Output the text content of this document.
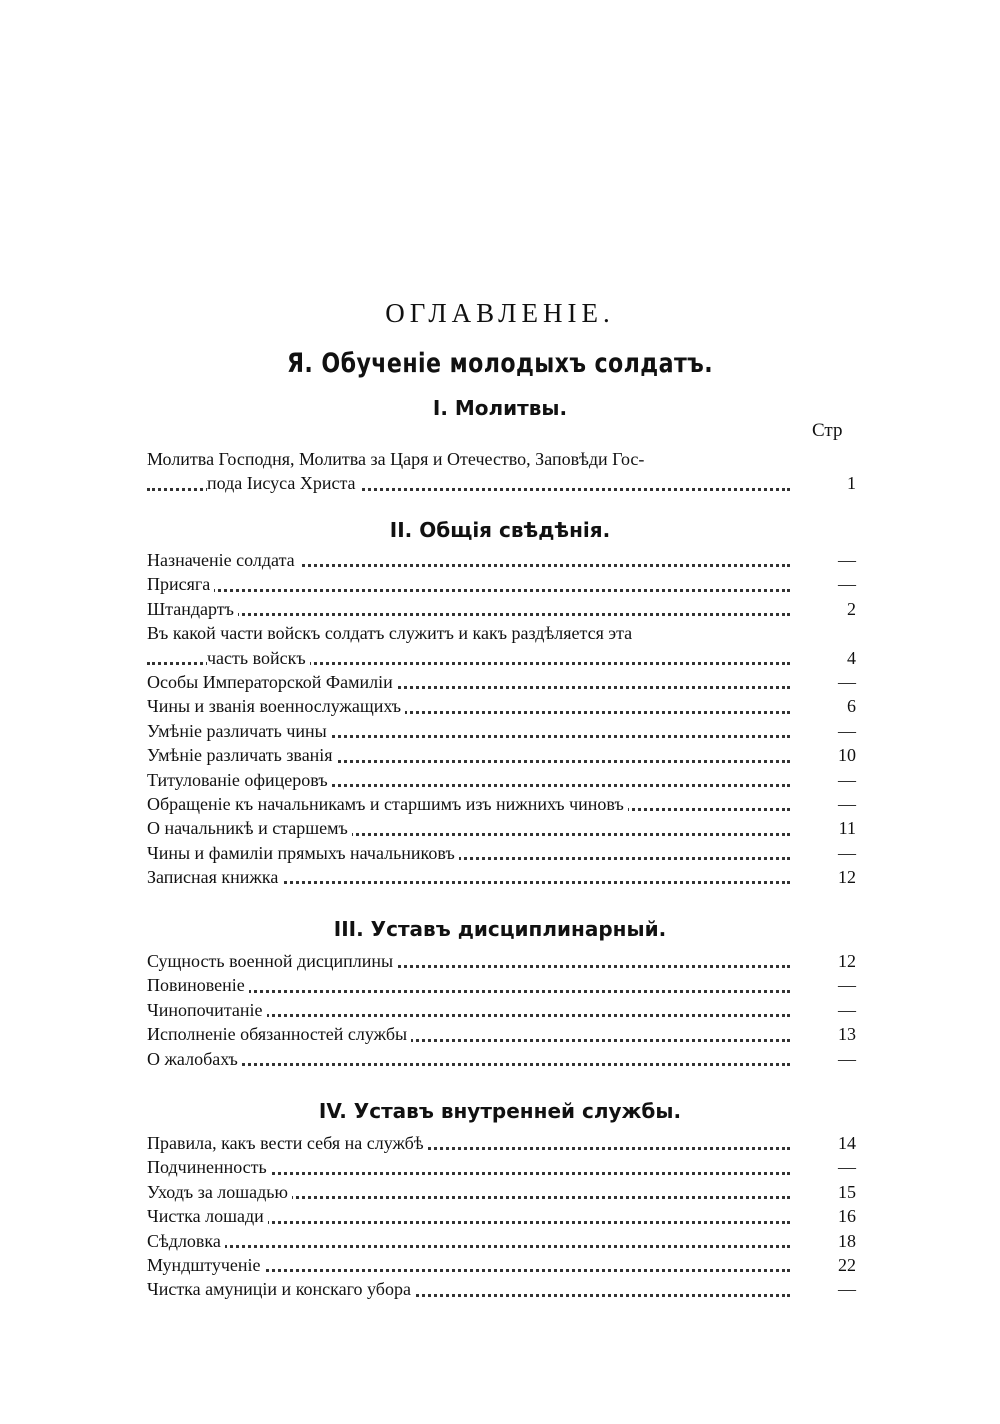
ОГЛАВЛЕНІЕ.
Я. Обученіе молодыхъ солдатъ.
I. Молитвы.
Стр
Молитва Господня, Молитва за Царя и Отечество, Заповѣди Гос-
пода Іисуса Христа	1
II. Общія свѣдѣнія.
Назначеніе солдата	—
Присяга	—
Штандартъ	2
Въ какой части войскъ солдатъ служитъ и какъ раздѣляется эта
часть войскъ	4
Особы Императорской Фамиліи	—
Чины и званія военнослужащихъ	6
Умѣніе различать чины	—
Умѣніе различать званія	10
Титулованіе офицеровъ	—
Обращеніе къ начальникамъ и старшимъ изъ нижнихъ чиновъ	—
О начальникѣ и старшемъ	11
Чины и фамиліи прямыхъ начальниковъ	—
Записная книжка	12
III. Уставъ дисциплинарный.
Сущность военной дисциплины	12
Повиновеніе	—
Чинопочитаніе	—
Исполненіе обязанностей службы	13
О жалобахъ	—
IV. Уставъ внутренней службы.
Правила, какъ вести себя на службѣ	14
Подчиненность	—
Уходъ за лошадью	15
Чистка лошади	16
Сѣдловка	18
Мундштученіе	22
Чистка амуниціи и конскаго убора	—
